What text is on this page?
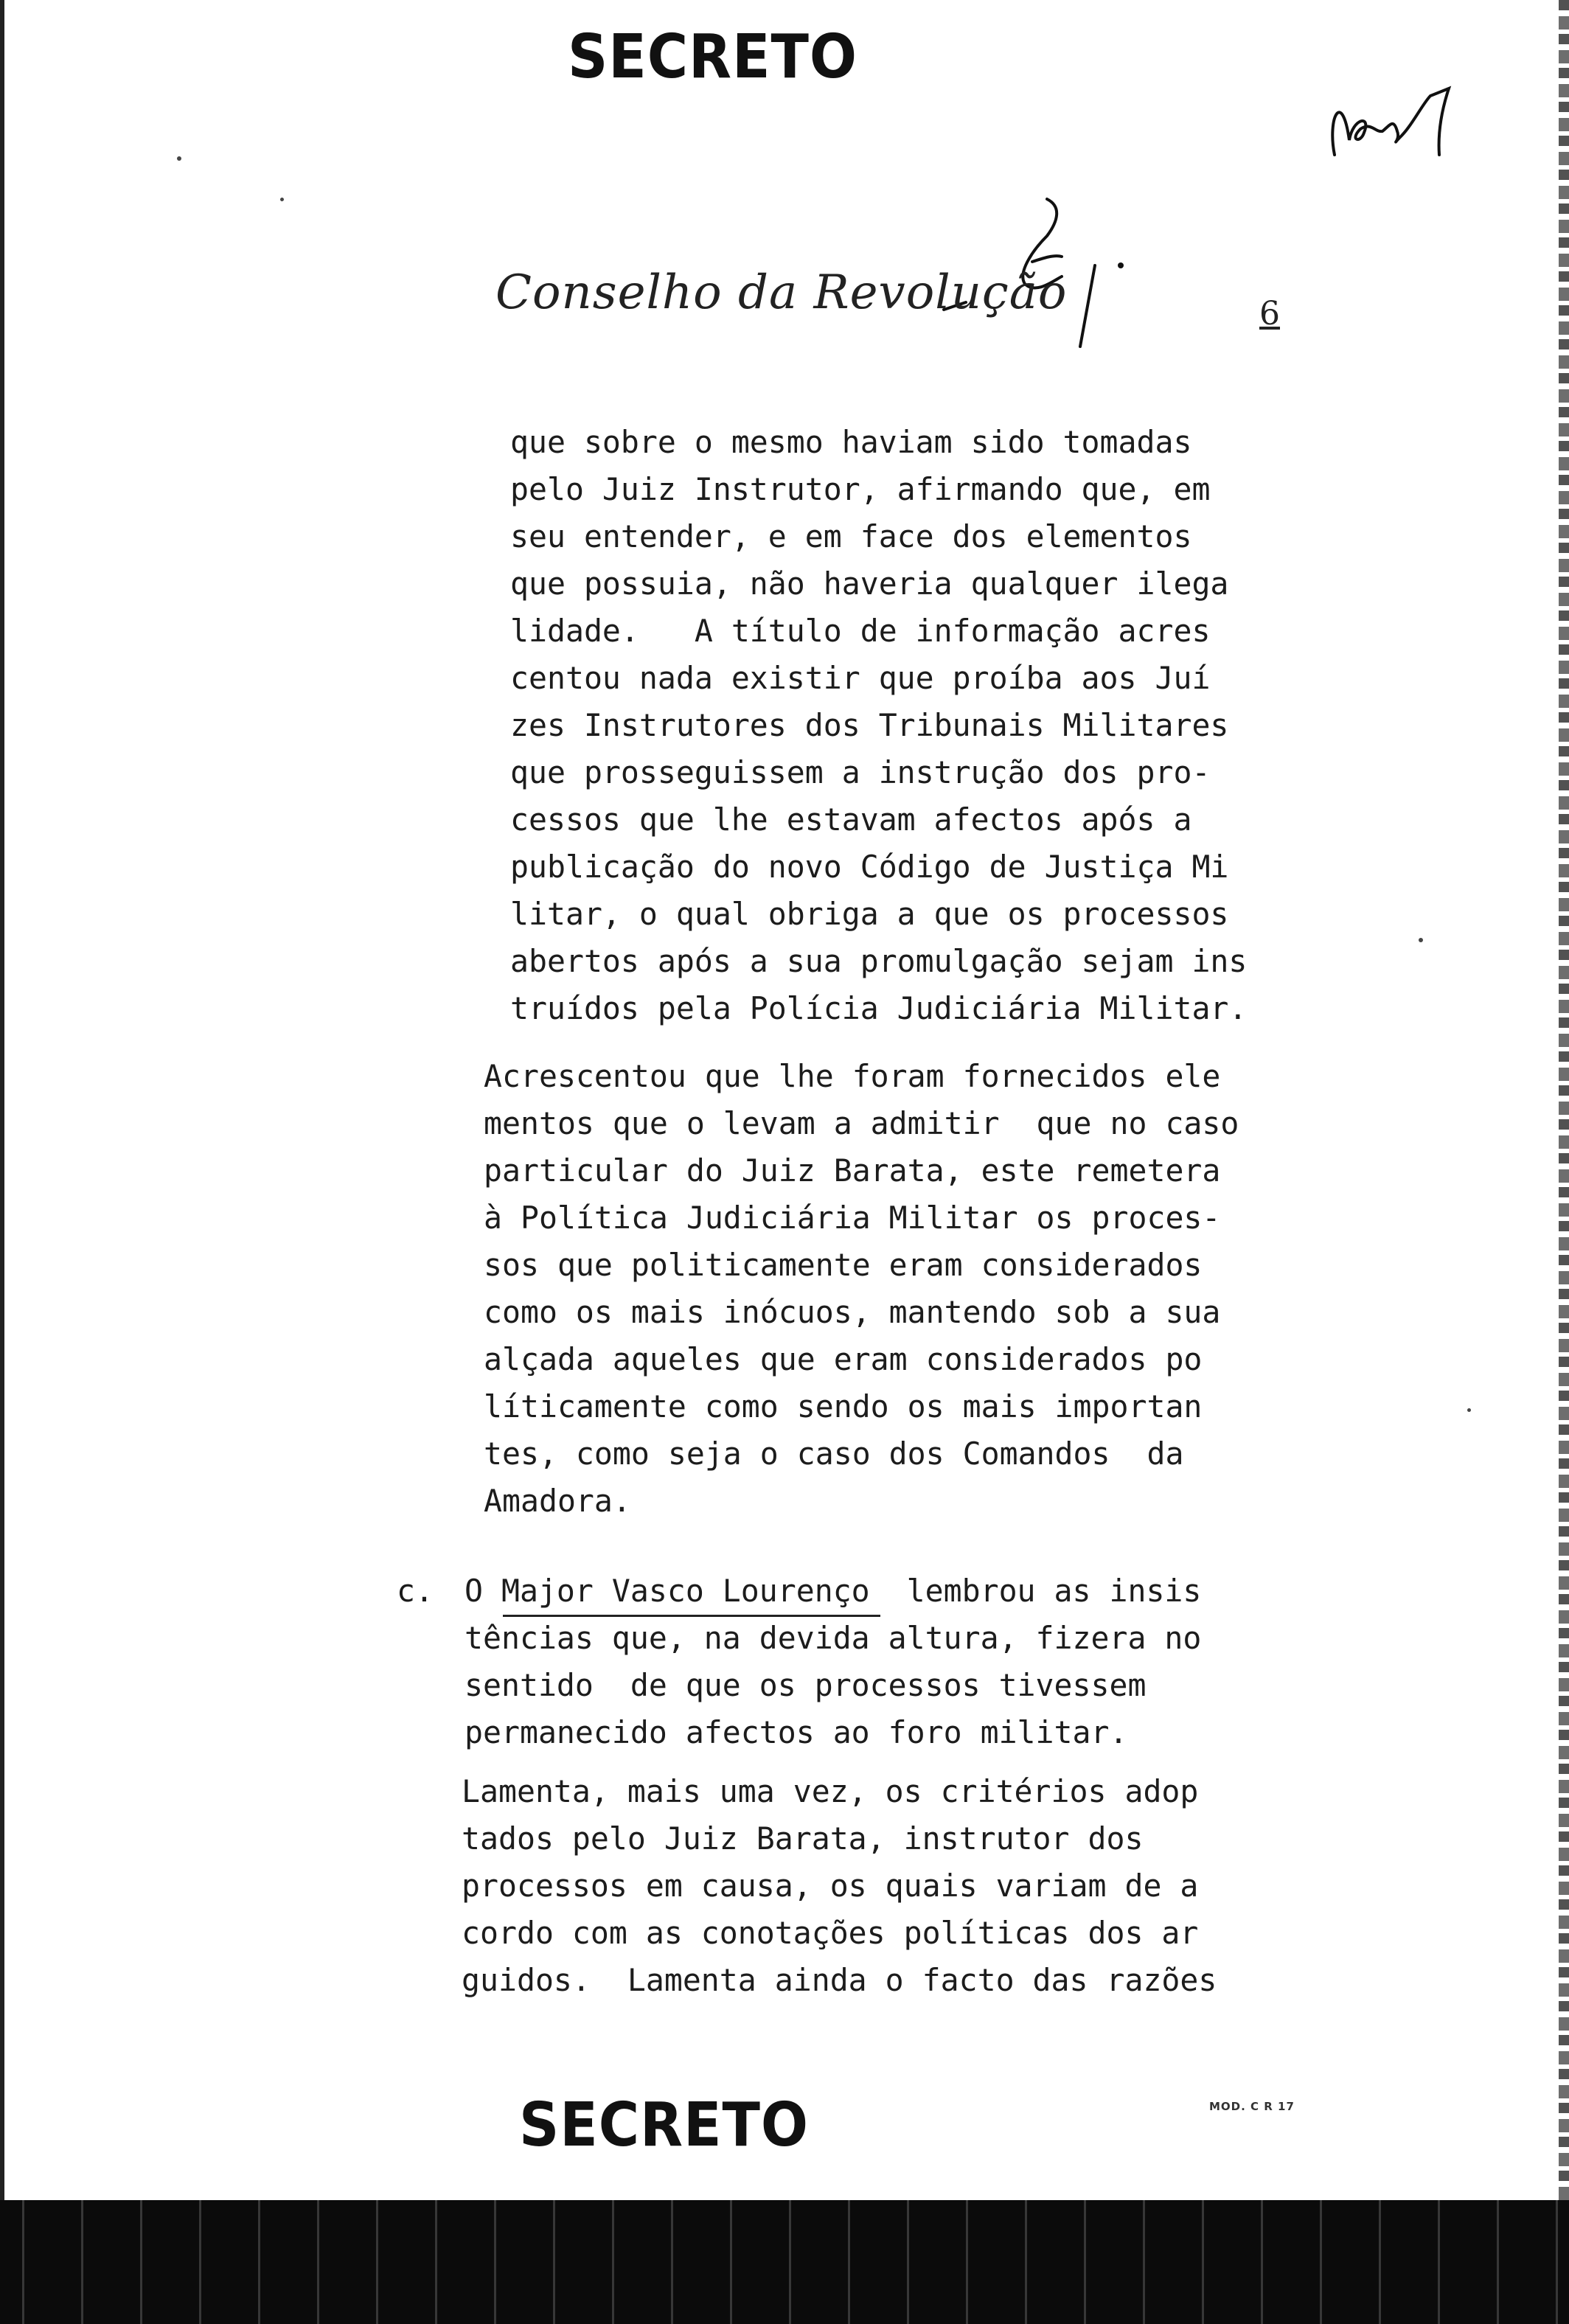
SECRETO
Conselho da Revolução	6
que sobre o mesmo haviam sido tomadas
pelo Juiz Instrutor, afirmando que, em
seu entender, e em face dos elementos
que possuia, não haveria qualquer ilega
lidade.   A título de informação acres
centou nada existir que proíba aos Juí
zes Instrutores dos Tribunais Militares
que prosseguissem a instrução dos pro-
cessos que lhe estavam afectos após a
publicação do novo Código de Justiça Mi
litar, o qual obriga a que os processos
abertos após a sua promulgação sejam ins
truídos pela Polícia Judiciária Militar.
Acrescentou que lhe foram fornecidos ele
mentos que o levam a admitir  que no caso
particular do Juiz Barata, este remetera
à Política Judiciária Militar os proces-
sos que politicamente eram considerados
como os mais inócuos, mantendo sob a sua
alçada aqueles que eram considerados po
líticamente como sendo os mais importan
tes, como seja o caso dos Comandos  da
Amadora.
c. O Major Vasco Lourenço  lembrou as insis
tências que, na devida altura, fizera no
sentido  de que os processos tivessem
permanecido afectos ao foro militar.
Lamenta, mais uma vez, os critérios adop
tados pelo Juiz Barata, instrutor dos
processos em causa, os quais variam de a
cordo com as conotações políticas dos ar
guidos.  Lamenta ainda o facto das razões
SECRETO	MOD. C R 17
